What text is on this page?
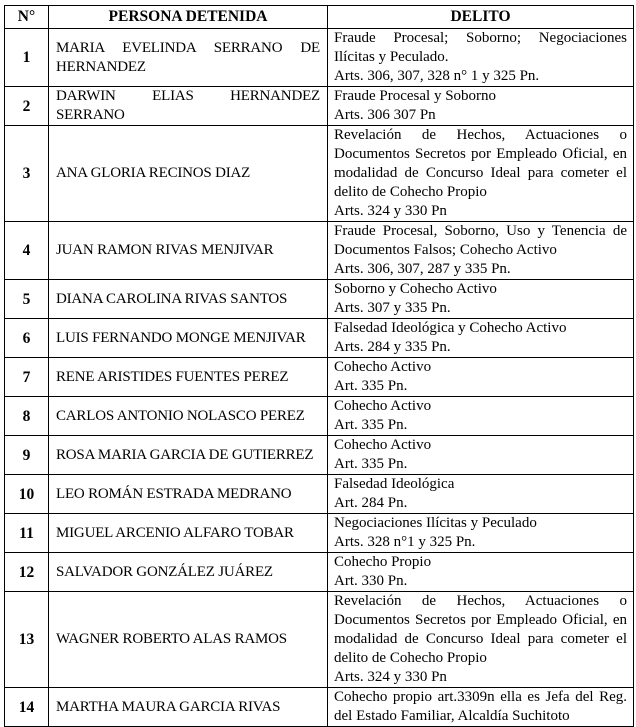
N°	PERSONA DETENIDA	DELITO
1	MARIA EVELINDA SERRANO DE HERNANDEZ	Fraude Procesal; Soborno; Negociaciones Ilícitas y Peculado.
Arts. 306, 307, 328 n° 1 y 325 Pn.

2	DARWIN ELIAS HERNANDEZ SERRANO	Fraude Procesal y Soborno
Arts. 306 307 Pn

3	ANA GLORIA RECINOS DIAZ	Revelación de Hechos, Actuaciones o Documentos Secretos por Empleado Oficial, en modalidad de Concurso Ideal para cometer el delito de Cohecho Propio
Arts. 324 y 330 Pn

4	JUAN RAMON RIVAS MENJIVAR	Fraude Procesal, Soborno, Uso y Tenencia de Documentos Falsos; Cohecho Activo
Arts. 306, 307, 287 y 335 Pn.

5	DIANA CAROLINA RIVAS SANTOS	Soborno y Cohecho Activo
Arts. 307 y 335 Pn.

6	LUIS FERNANDO MONGE MENJIVAR	Falsedad Ideológica y Cohecho Activo
Arts. 284 y 335 Pn.

7	RENE ARISTIDES FUENTES PEREZ	Cohecho Activo
Art. 335 Pn.

8	CARLOS ANTONIO NOLASCO PEREZ	Cohecho Activo
Art. 335 Pn.

9	ROSA MARIA GARCIA DE GUTIERREZ	Cohecho Activo
Art. 335 Pn.

10	LEO ROMÁN ESTRADA MEDRANO	Falsedad Ideológica
Art. 284 Pn.

11	MIGUEL ARCENIO ALFARO TOBAR	Negociaciones Ilícitas y Peculado
Arts. 328 n°1 y 325 Pn.

12	SALVADOR GONZÁLEZ JUÁREZ	Cohecho Propio
Art. 330 Pn.

13	WAGNER ROBERTO ALAS RAMOS	Revelación de Hechos, Actuaciones o Documentos Secretos por Empleado Oficial, en modalidad de Concurso Ideal para cometer el delito de Cohecho Propio
Arts. 324 y 330 Pn

14	MARTHA MAURA GARCIA RIVAS	Cohecho propio art.3309n ella es Jefa del Reg. del Estado Familiar, Alcaldía Suchitoto
